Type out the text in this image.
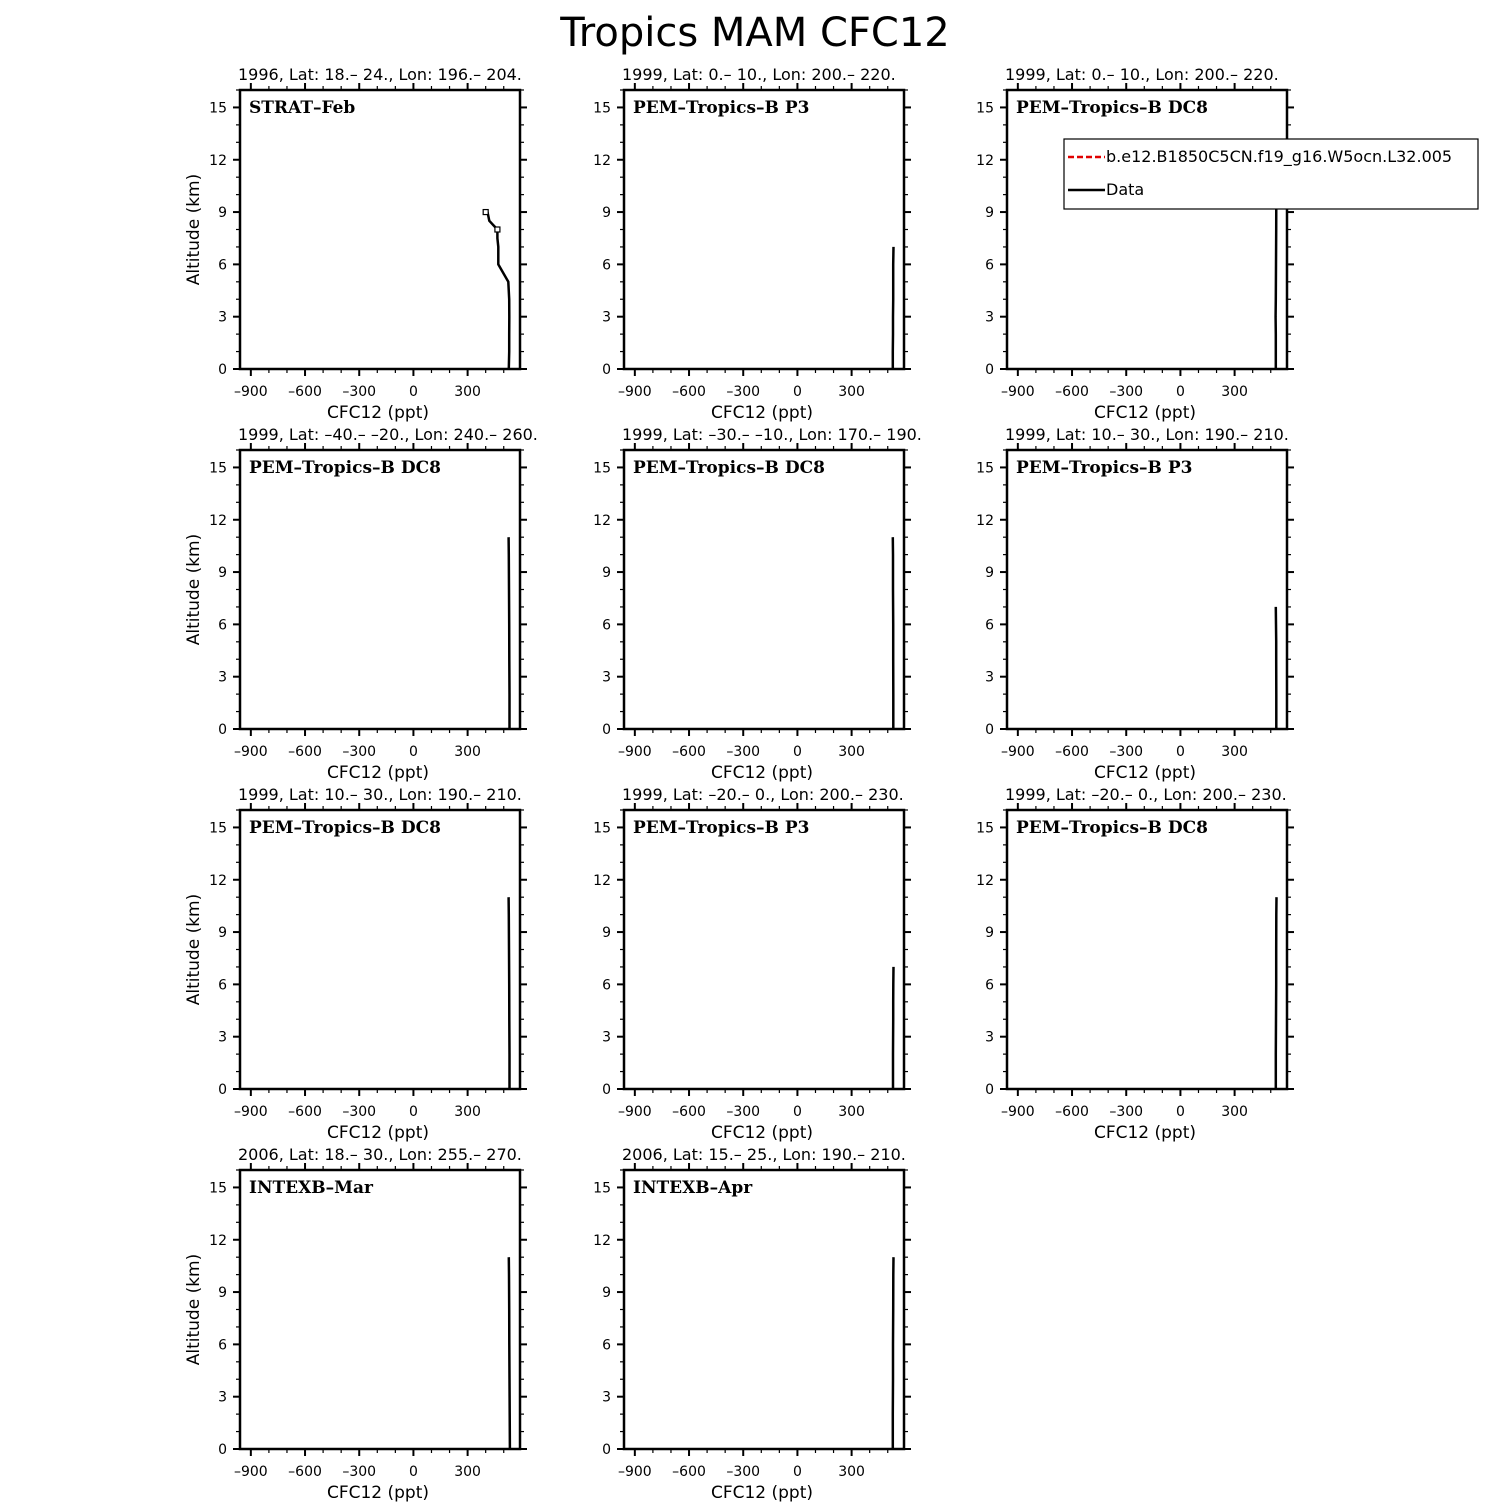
Tropics MAM CFC12
1996, Lat: 18.– 24., Lon: 196.– 204.
STRAT–Feb
0
3
6
9
12
15
–900 –600 –300 0	300
CFC12 (ppt)
Altitude (km)
1999, Lat: 0.– 10., Lon: 200.– 220.
PEM–Tropics–B P3
0
3
6
9
12
15
–900 –600 –300 0	300
CFC12 (ppt)
1999, Lat: 0.– 10., Lon: 200.– 220.
PEM–Tropics–B DC8
0
3
6
9
12
15
–900 –600 –300 0	300
CFC12 (ppt)
1999, Lat: –40.– –20., Lon: 240.– 260.
PEM–Tropics–B DC8
0
3
6
9
12
15
–900 –600 –300 0	300
CFC12 (ppt)
Altitude (km)
1999, Lat: –30.– –10., Lon: 170.– 190.
PEM–Tropics–B DC8
0
3
6
9
12
15
–900 –600 –300 0	300
CFC12 (ppt)
1999, Lat: 10.– 30., Lon: 190.– 210.
PEM–Tropics–B P3
0
3
6
9
12
15
–900 –600 –300 0	300
CFC12 (ppt)
1999, Lat: 10.– 30., Lon: 190.– 210.
PEM–Tropics–B DC8
0
3
6
9
12
15
–900 –600 –300 0	300
CFC12 (ppt)
Altitude (km)
1999, Lat: –20.– 0., Lon: 200.– 230.
PEM–Tropics–B P3
0
3
6
9
12
15
–900 –600 –300 0	300
CFC12 (ppt)
1999, Lat: –20.– 0., Lon: 200.– 230.
PEM–Tropics–B DC8
0
3
6
9
12
15
–900 –600 –300 0	300
CFC12 (ppt)
2006, Lat: 18.– 30., Lon: 255.– 270.
INTEXB–Mar
0
3
6
9
12
15
–900 –600 –300 0	300
CFC12 (ppt)
Altitude (km)
2006, Lat: 15.– 25., Lon: 190.– 210.
INTEXB–Apr
0
3
6
9
12
15
–900 –600 –300 0	300
CFC12 (ppt)
b.e12.B1850C5CN.f19_g16.W5ocn.L32.005
Data
